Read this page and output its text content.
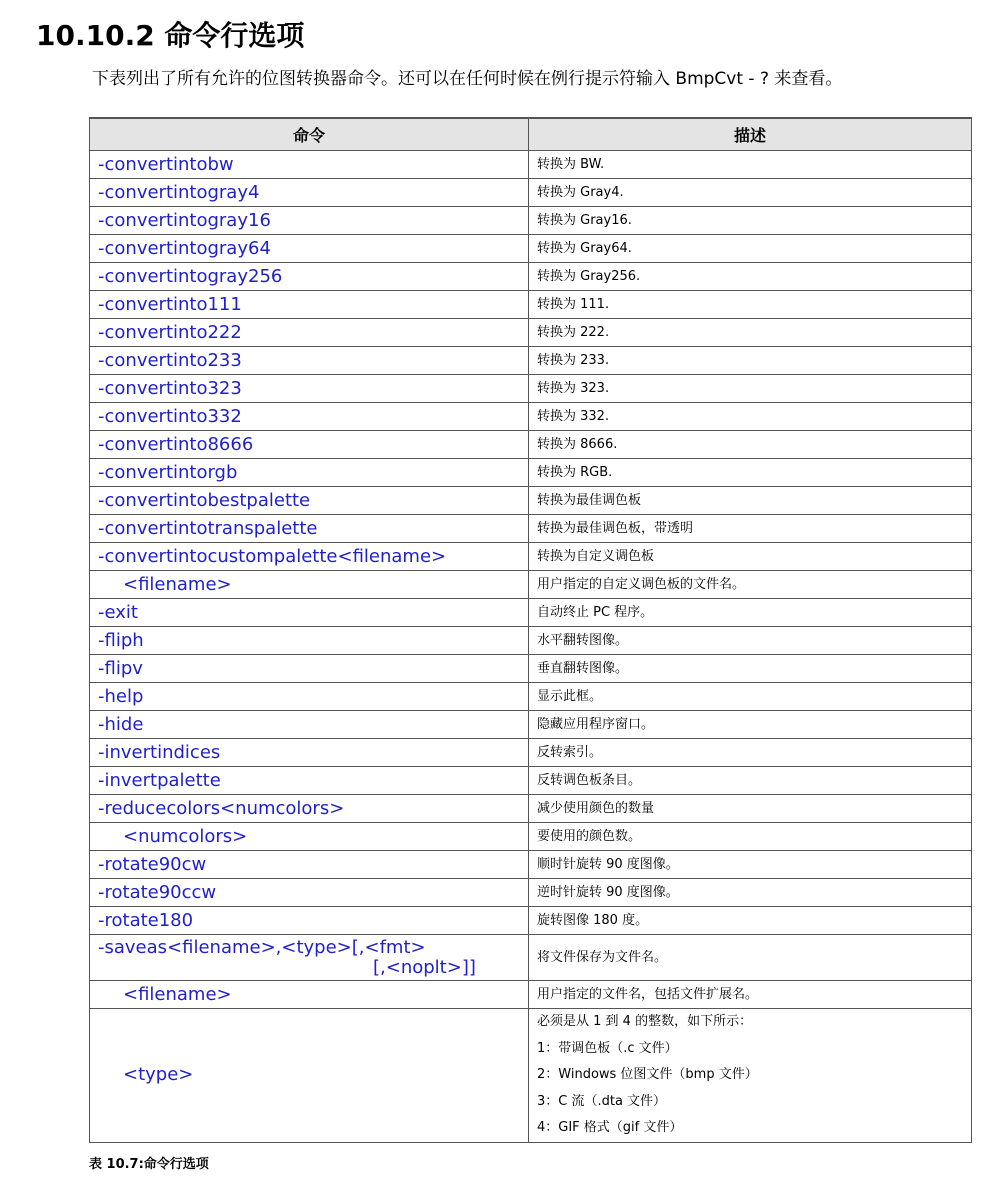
10.10.2 命令行选项

下表列出了所有允许的位图转换器命令。还可以在任何时候在例行提示符输入 BmpCvt - ? 来查看。

命令	描述
-convertintobw	转换为 BW.
-convertintogray4	转换为 Gray4.
-convertintogray16	转换为 Gray16.
-convertintogray64	转换为 Gray64.
-convertintogray256	转换为 Gray256.
-convertinto111	转换为 111.
-convertinto222	转换为 222.
-convertinto233	转换为 233.
-convertinto323	转换为 323.
-convertinto332	转换为 332.
-convertinto8666	转换为 8666.
-convertintorgb	转换为 RGB.
-convertintobestpalette	转换为最佳调色板
-convertintotranspalette	转换为最佳调色板，带透明
-convertintocustompalette<filename>	转换为自定义调色板
<filename>	用户指定的自定义调色板的文件名。
-exit	自动终止 PC 程序。
-fliph	水平翻转图像。
-flipv	垂直翻转图像。
-help	显示此框。
-hide	隐藏应用程序窗口。
-invertindices	反转索引。
-invertpalette	反转调色板条目。
-reducecolors<numcolors>	减少使用颜色的数量
<numcolors>	要使用的颜色数。
-rotate90cw	顺时针旋转 90 度图像。
-rotate90ccw	逆时针旋转 90 度图像。
-rotate180	旋转图像 180 度。

-saveas<filename>,<type>[,<fmt>
[,<noplt>]]	将文件保存为文件名。
<filename>	用户指定的文件名，包括文件扩展名。
<type>	必须是从 1 到 4 的整数，如下所示：
1：带调色板（.c 文件）
2：Windows 位图文件（bmp 文件）
3：C 流（.dta 文件）
4：GIF 格式（gif 文件）

表 10.7:命令行选项
